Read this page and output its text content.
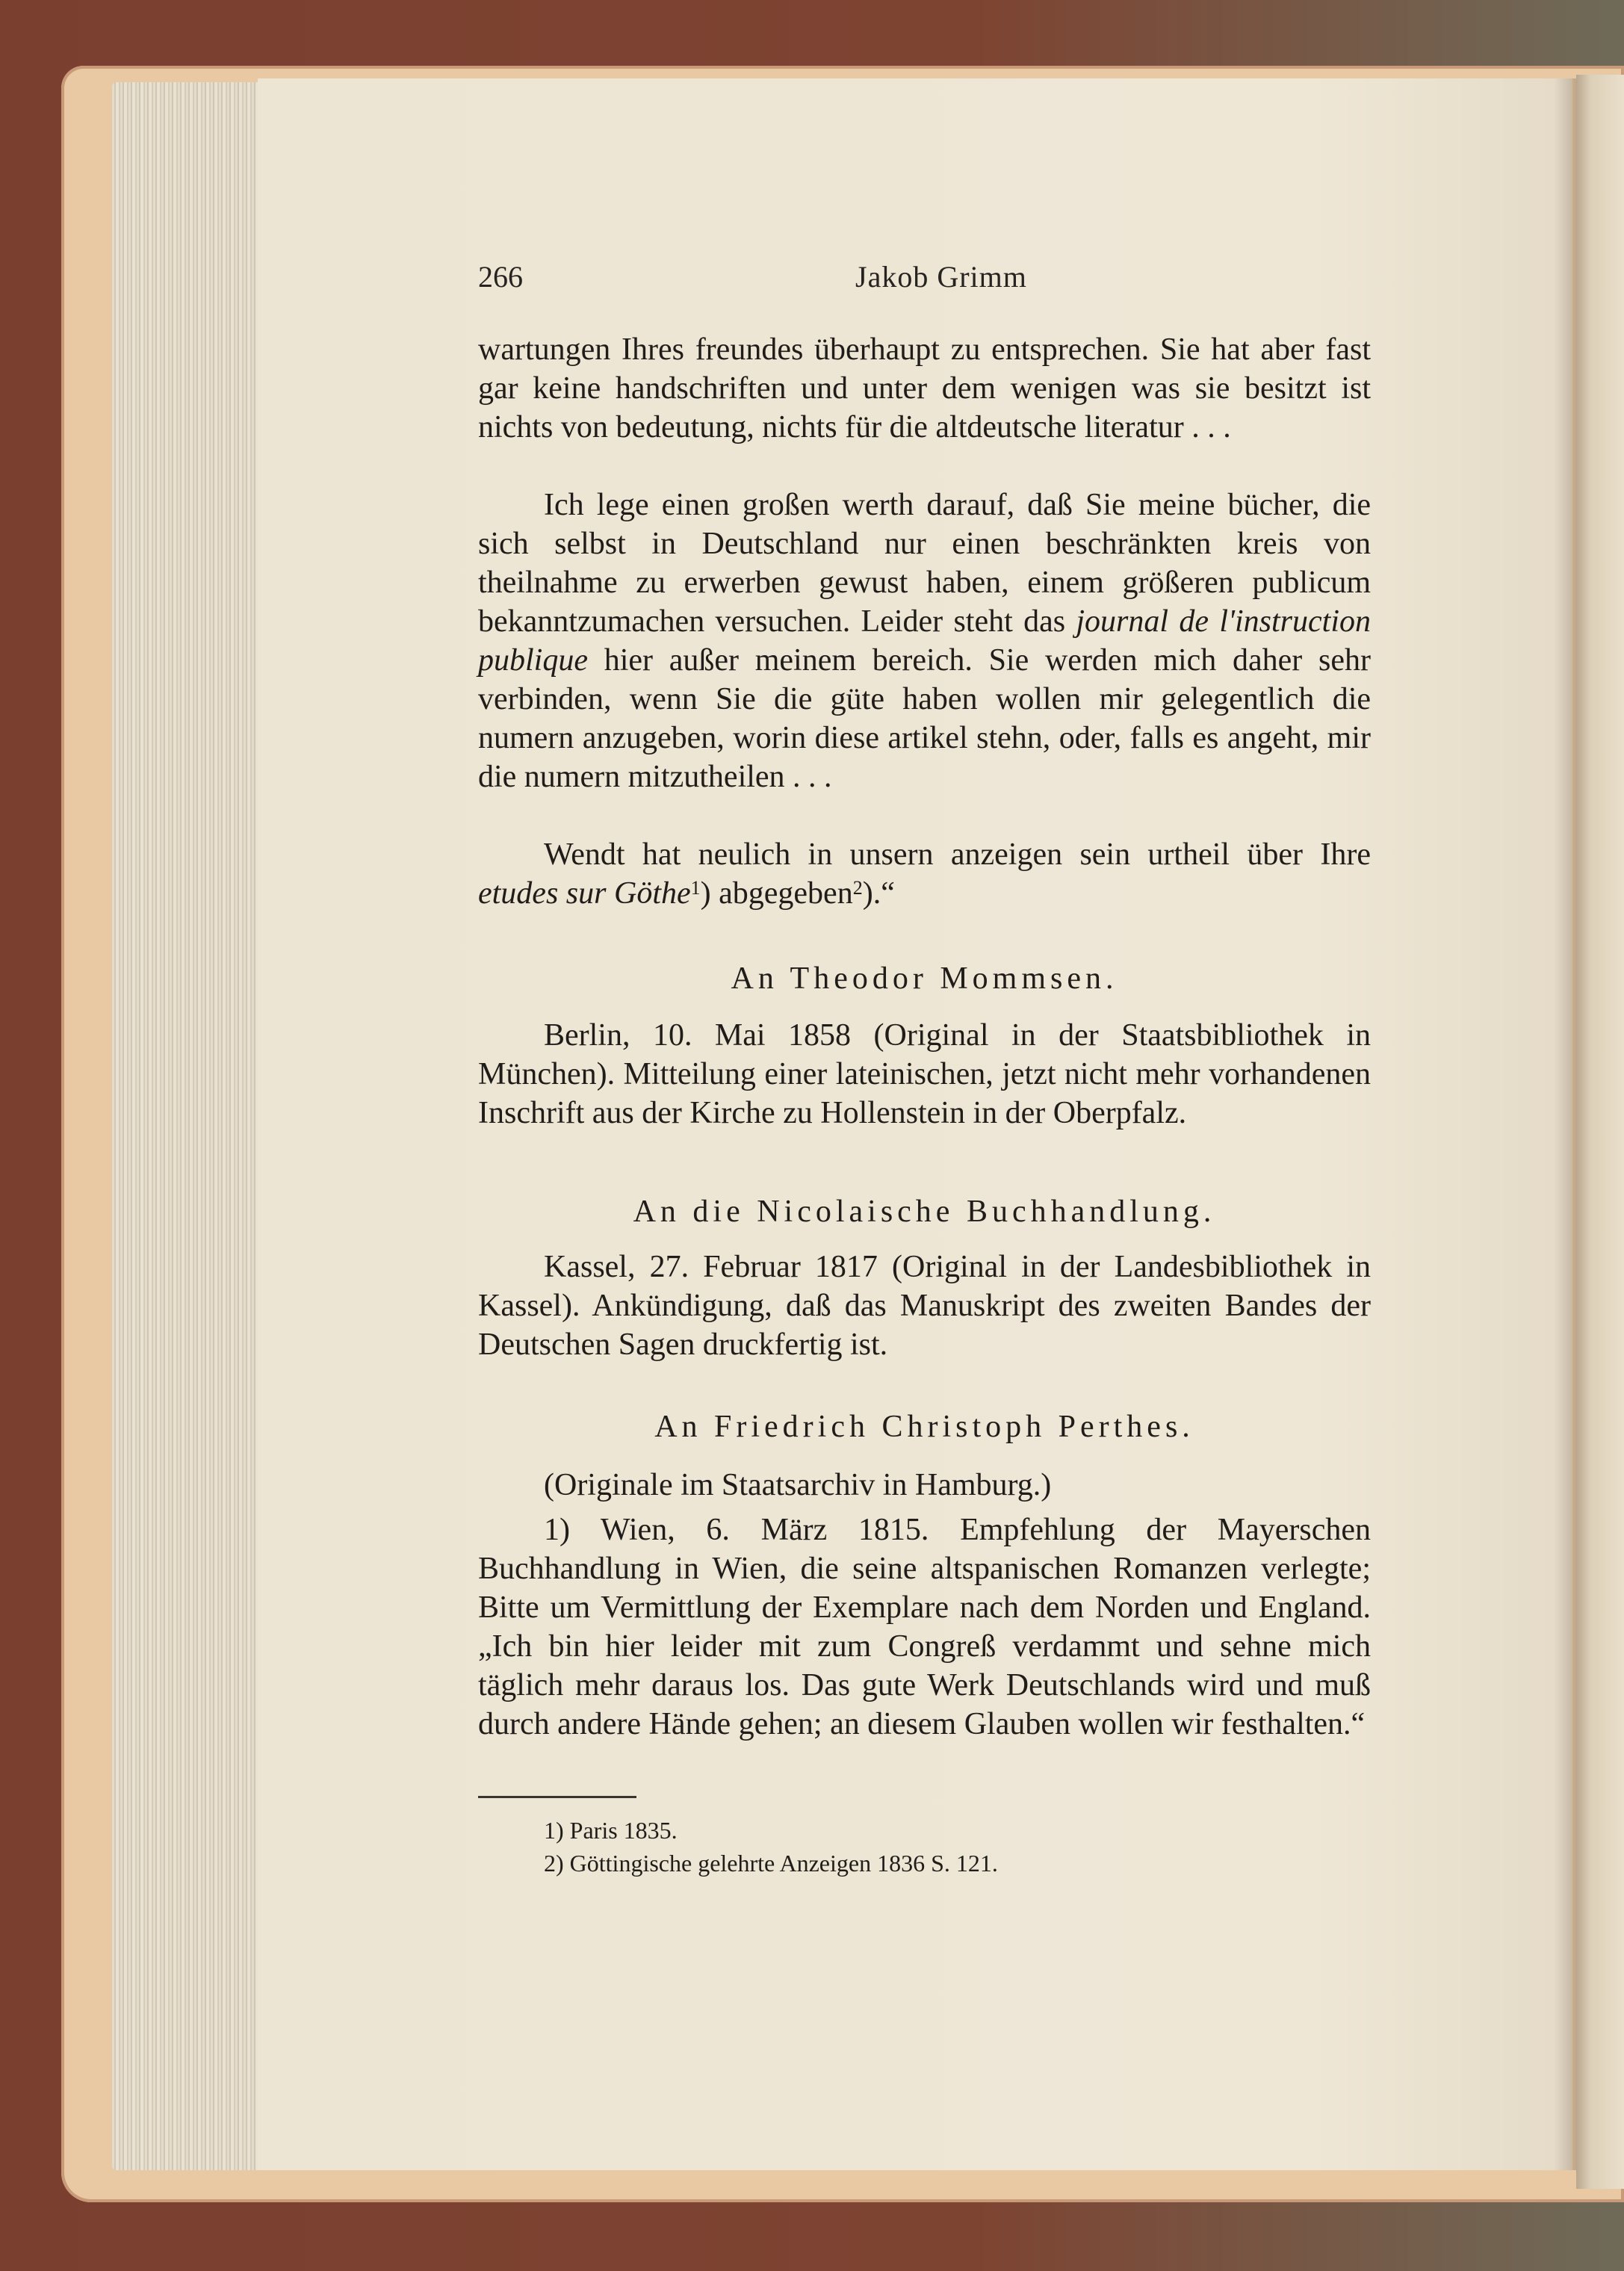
266	Jakob Grimm

wartungen Ihres freundes überhaupt zu entsprechen. Sie hat aber fast gar keine handschriften und unter dem wenigen was sie besitzt ist nichts von bedeutung, nichts für die altdeutsche literatur . . .

Ich lege einen großen werth darauf, daß Sie meine bücher, die sich selbst in Deutschland nur einen beschränkten kreis von theilnahme zu erwerben gewust haben, einem größeren publicum bekanntzumachen versuchen. Leider steht das journal de l'instruction publique hier außer meinem bereich. Sie werden mich daher sehr verbinden, wenn Sie die güte haben wollen mir gelegentlich die numern anzugeben, worin diese artikel stehn, oder, falls es angeht, mir die numern mitzutheilen . . .

Wendt hat neulich in unsern anzeigen sein urtheil über Ihre etudes sur Göthe$^1$) abgegeben$^2$).“

An Theodor Mommsen.

Berlin, 10. Mai 1858 (Original in der Staatsbibliothek in München). Mitteilung einer lateinischen, jetzt nicht mehr vorhandenen Inschrift aus der Kirche zu Hollenstein in der Oberpfalz.

An die Nicolaische Buchhandlung.

Kassel, 27. Februar 1817 (Original in der Landesbibliothek in Kassel). Ankündigung, daß das Manuskript des zweiten Bandes der Deutschen Sagen druckfertig ist.

An Friedrich Christoph Perthes.

(Originale im Staatsarchiv in Hamburg.)

1) Wien, 6. März 1815. Empfehlung der Mayerschen Buchhandlung in Wien, die seine altspanischen Romanzen verlegte; Bitte um Vermittlung der Exemplare nach dem Norden und England. „Ich bin hier leider mit zum Congreß verdammt und sehne mich täglich mehr daraus los. Das gute Werk Deutschlands wird und muß durch andere Hände gehen; an diesem Glauben wollen wir festhalten.“

1) Paris 1835.
2) Göttingische gelehrte Anzeigen 1836 S. 121.
